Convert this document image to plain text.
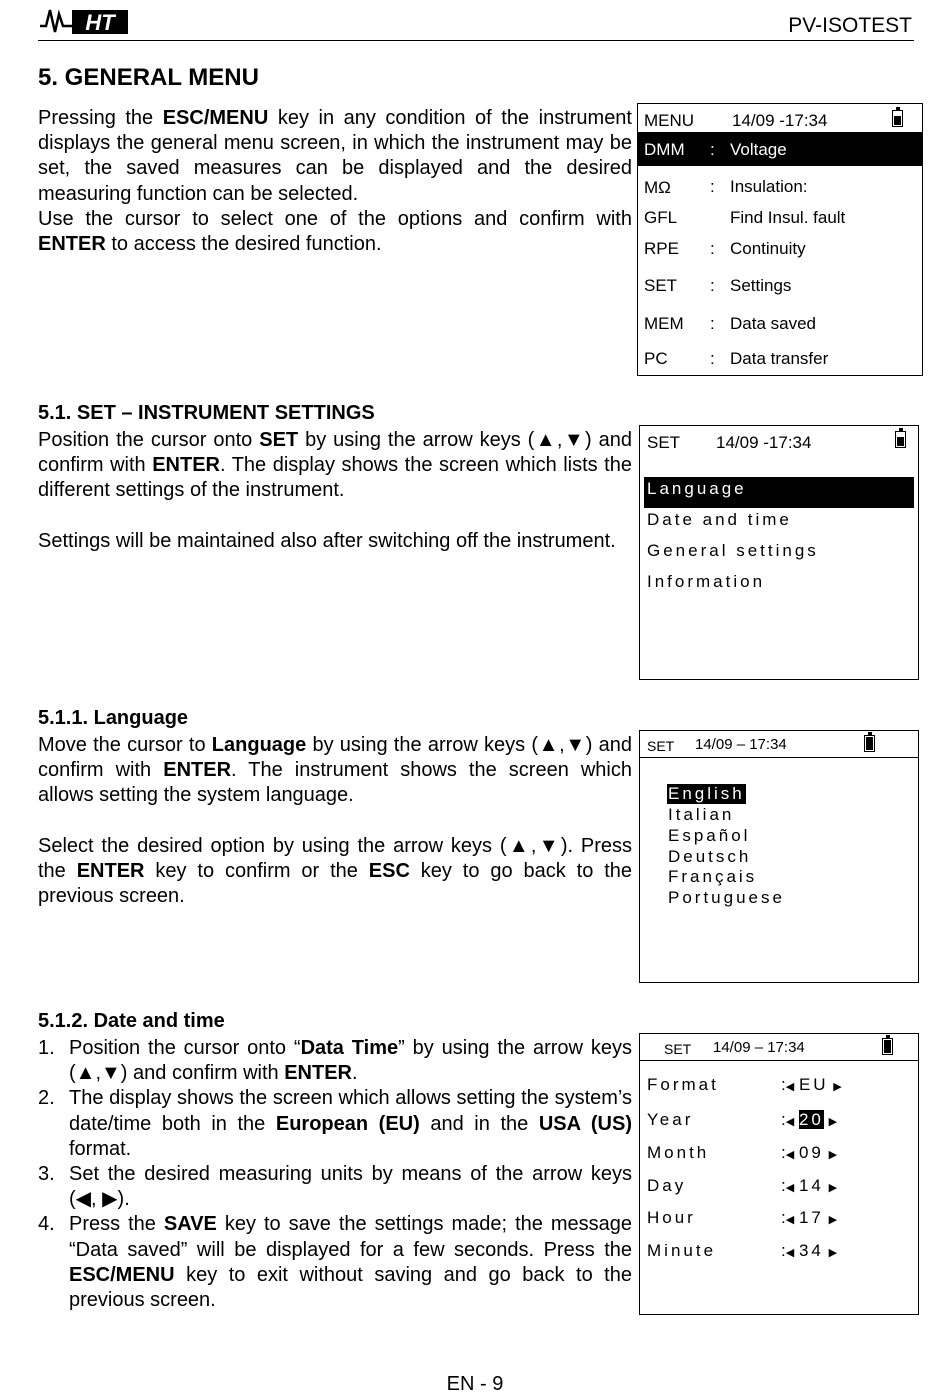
HT	PV-ISOTEST
5. GENERAL MENU

Pressing the ESC/MENU key in any condition of the instrument displays the general menu screen, in which the instrument may be set, the saved measures can be displayed and the desired measuring function can be selected.

Use the cursor to select one of the options and confirm with ENTER to access the desired function.

MENU 14/09 -17:34
DMM : Voltage
MΩ : Insulation:
GFL	Find Insul. fault
RPE : Continuity
SET : Settings
MEM : Data saved
PC : Data transfer
5.1. SET – INSTRUMENT SETTINGS

Position the cursor onto SET by using the arrow keys (▲,▼) and confirm with ENTER. The display shows the screen which lists the different settings of the instrument.

Settings will be maintained also after switching off the instrument.

SET 14/09 -17:34
Language
Date and time
General settings
Information
5.1.1. Language

Move the cursor to Language by using the arrow keys (▲,▼) and confirm with ENTER. The instrument shows the screen which allows setting the system language.

Select the desired option by using the arrow keys (▲,▼). Press the ENTER key to confirm or the ESC key to go back to the previous screen.

SET 14/09 – 17:34
English
Italian
Español
Deutsch
Français
Portuguese
5.1.2. Date and time
1. Position the cursor onto “Data Time” by using the arrow keys (▲,▼) and confirm with ENTER.
2. The display shows the screen which allows setting the system’s date/time both in the European (EU) and in the USA (US) format.
3. Set the desired measuring units by means of the arrow keys (◀, ▶).
4. Press the SAVE key to save the settings made; the message “Data saved” will be displayed for a few seconds. Press the ESC/MENU key to exit without saving and go back to the previous screen.
SET 14/09 – 17:34
Format	:◀ EU ▶
Year	:◀ 20 ▶
Month	:◀ 09 ▶
Day	:◀ 14 ▶
Hour	:◀ 17 ▶
Minute	:◀ 34 ▶
EN - 9
